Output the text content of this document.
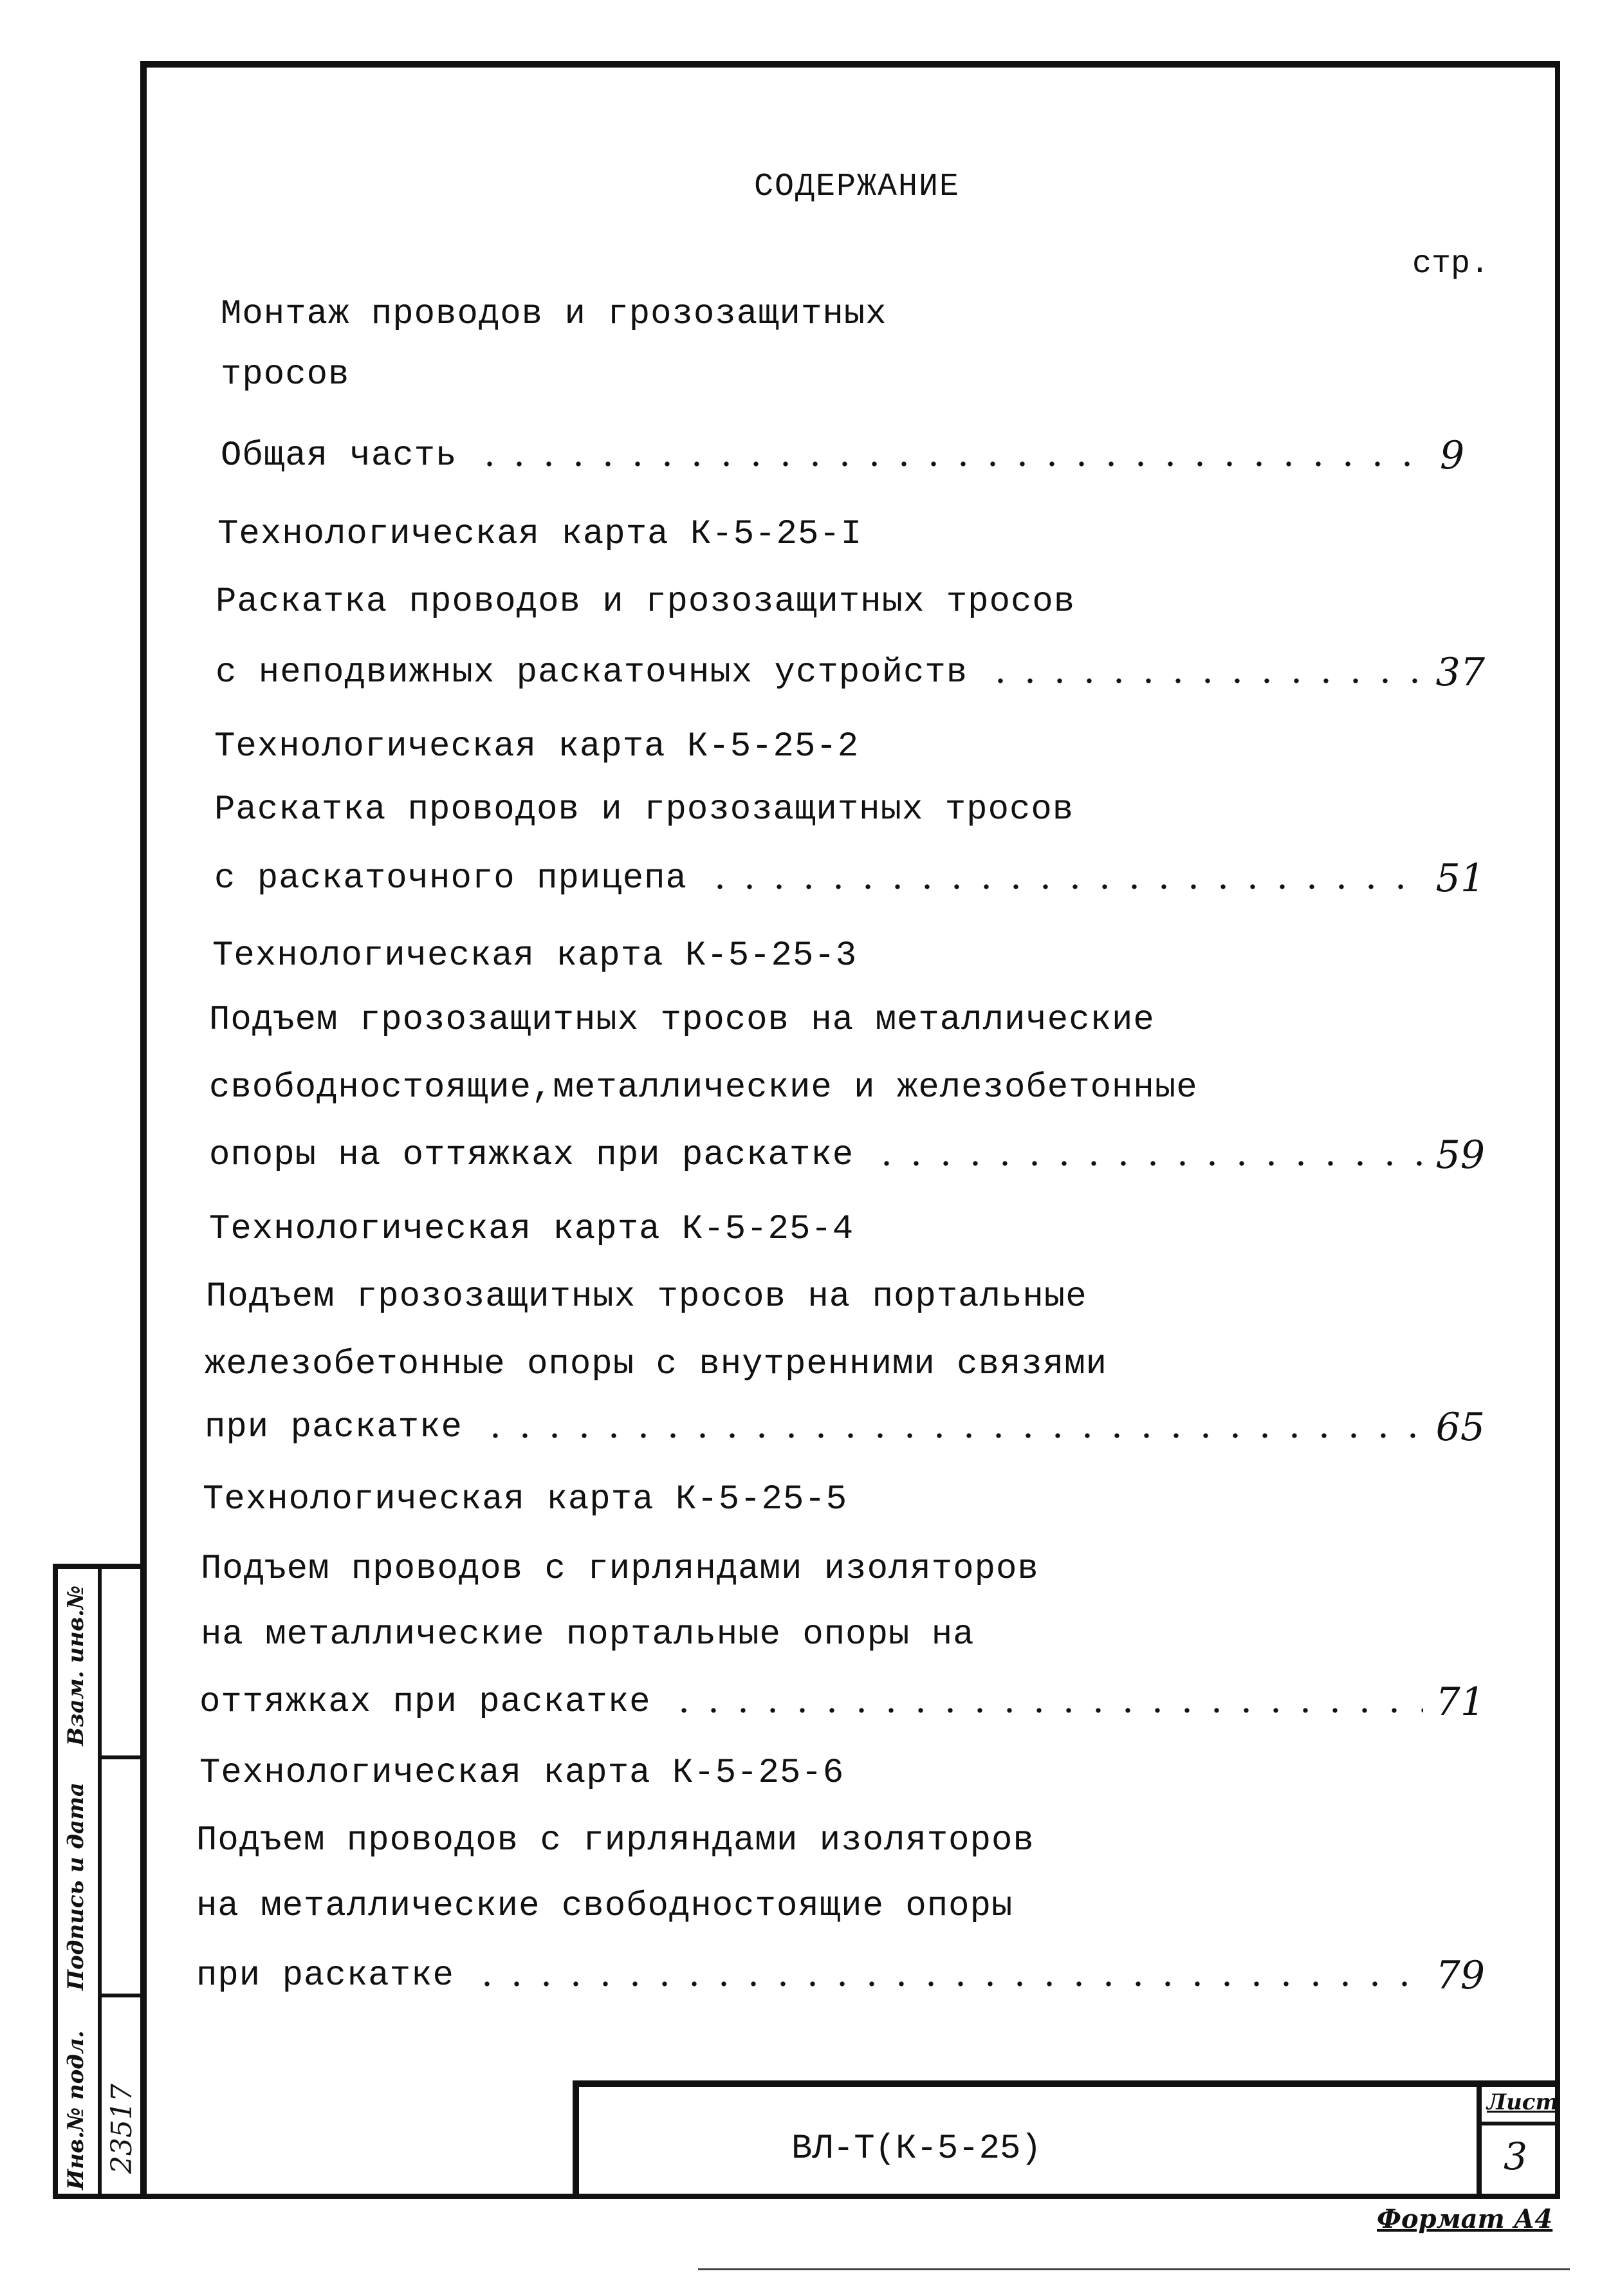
СОДЕРЖАНИЕ
стр.
Монтаж проводов и грозозащитных
тросов
Общая часть	9
Технологическая карта К-5-25-I
Раскатка проводов и грозозащитных тросов
с неподвижных раскаточных устройств	37
Технологическая карта К-5-25-2
Раскатка проводов и грозозащитных тросов
с раскаточного прицепа	51
Технологическая карта К-5-25-3
Подъем грозозащитных тросов на металлические
свободностоящие,металлические и железобетонные
опоры на оттяжках при раскатке	59
Технологическая карта К-5-25-4
Подъем грозозащитных тросов на портальные
железобетонные опоры с внутренними связями
при раскатке	65
Технологическая карта К-5-25-5
Подъем проводов с гирляндами изоляторов
на металлические портальные опоры на
оттяжках при раскатке	71
Технологическая карта К-5-25-6
Подъем проводов с гирляндами изоляторов
на металлические свободностоящие опоры
при раскатке	79
ВЛ-Т(К-5-25)
Лист
3
Формат А4
Взам. инв.№
Подпись и дата
Инв.№ подл. 23517
